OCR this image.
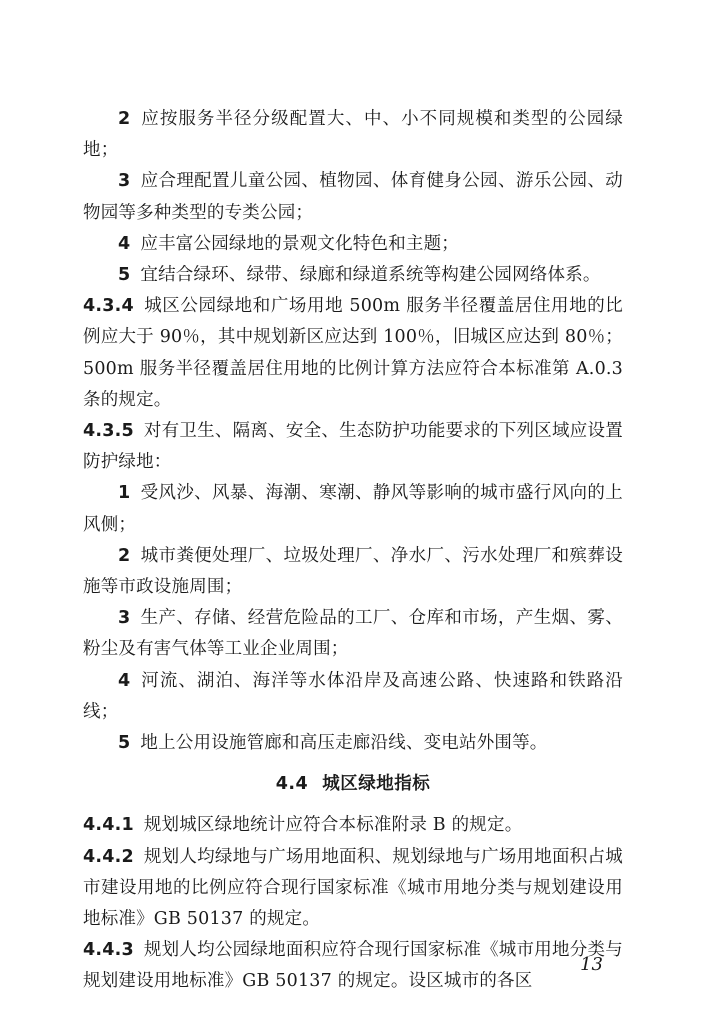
2 应按服务半径分级配置大、中、小不同规模和类型的公园绿地；

3 应合理配置儿童公园、植物园、体育健身公园、游乐公园、动物园等多种类型的专类公园；

4 应丰富公园绿地的景观文化特色和主题；

5 宜结合绿环、绿带、绿廊和绿道系统等构建公园网络体系。

4.3.4 城区公园绿地和广场用地 500m 服务半径覆盖居住用地的比例应大于 90％，其中规划新区应达到 100％，旧城区应达到 80％；500m 服务半径覆盖居住用地的比例计算方法应符合本标准第 A.0.3 条的规定。

4.3.5 对有卫生、隔离、安全、生态防护功能要求的下列区域应设置防护绿地：

1 受风沙、风暴、海潮、寒潮、静风等影响的城市盛行风向的上风侧；

2 城市粪便处理厂、垃圾处理厂、净水厂、污水处理厂和殡葬设施等市政设施周围；

3 生产、存储、经营危险品的工厂、仓库和市场，产生烟、雾、粉尘及有害气体等工业企业周围；

4 河流、湖泊、海洋等水体沿岸及高速公路、快速路和铁路沿线；

5 地上公用设施管廊和高压走廊沿线、变电站外围等。

4.4 城区绿地指标

4.4.1 规划城区绿地统计应符合本标准附录 B 的规定。

4.4.2 规划人均绿地与广场用地面积、规划绿地与广场用地面积占城市建设用地的比例应符合现行国家标准《城市用地分类与规划建设用地标准》GB 50137 的规定。

4.4.3 规划人均公园绿地面积应符合现行国家标准《城市用地分类与规划建设用地标准》GB 50137 的规定。设区城市的各区

13
